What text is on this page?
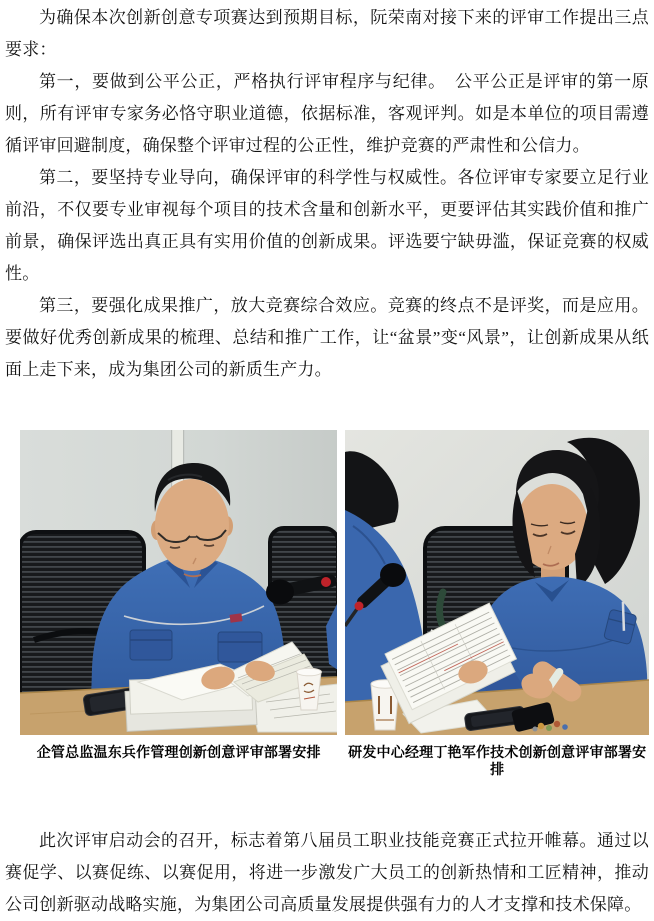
为确保本次创新创意专项赛达到预期目标，阮荣南对接下来的评审工作提出三点要求：

第一，要做到公平公正，严格执行评审程序与纪律。　公平公正是评审的第一原则，所有评审专家务必恪守职业道德，依据标准，客观评判。如是本单位的项目需遵循评审回避制度，确保整个评审过程的公正性，维护竞赛的严肃性和公信力。

第二，要坚持专业导向，确保评审的科学性与权威性。各位评审专家要立足行业前沿，不仅要专业审视每个项目的技术含量和创新水平，更要评估其实践价值和推广前景，确保评选出真正具有实用价值的创新成果。评选要宁缺毋滥，保证竞赛的权威性。

第三，要强化成果推广，放大竞赛综合效应。竞赛的终点不是评奖，而是应用。要做好优秀创新成果的梳理、总结和推广工作，让“盆景”变“风景”，让创新成果从纸面上走下来，成为集团公司的新质生产力。

企管总监温东兵作管理创新创意评审部署安排	研发中心经理丁艳军作技术创新创意评审部署安排

此次评审启动会的召开，标志着第八届员工职业技能竞赛正式拉开帷幕。通过以赛促学、以赛促练、以赛促用，将进一步激发广大员工的创新热情和工匠精神，推动公司创新驱动战略实施，为集团公司高质量发展提供强有力的人才支撑和技术保障。
